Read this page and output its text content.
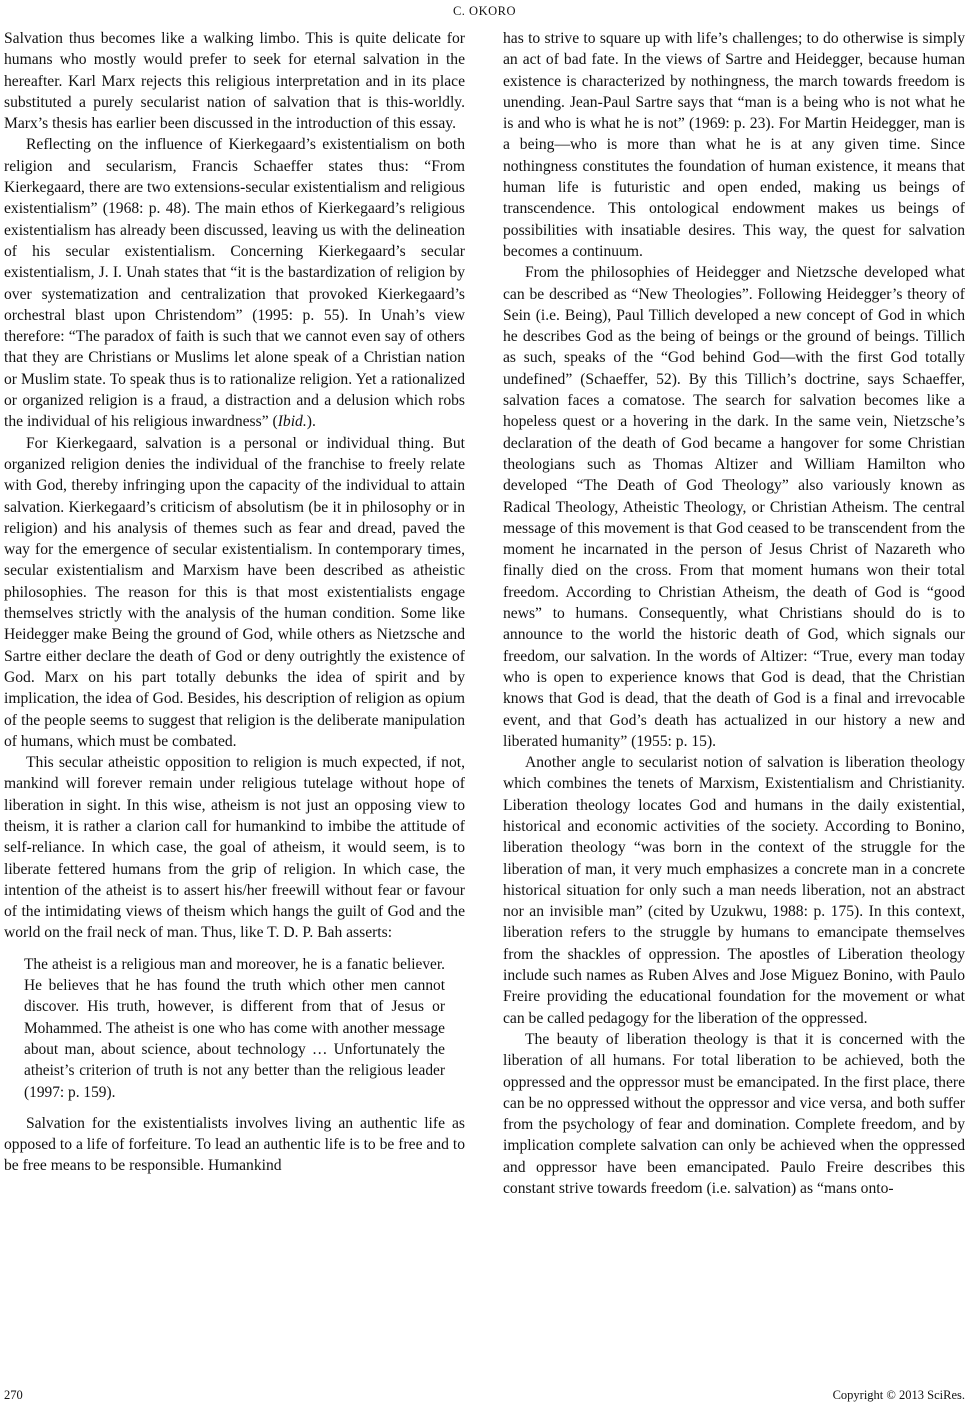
C. OKORO

Salvation thus becomes like a walking limbo. This is quite delicate for humans who mostly would prefer to seek for eternal salvation in the hereafter. Karl Marx rejects this religious interpretation and in its place substituted a purely secularist nation of salvation that is this-worldly. Marx’s thesis has earlier been discussed in the introduction of this essay.

Reflecting on the influence of Kierkegaard’s existentialism on both religion and secularism, Francis Schaeffer states thus: “From Kierkegaard, there are two extensions-secular existentialism and religious existentialism” (1968: p. 48). The main ethos of Kierkegaard’s religious existentialism has already been discussed, leaving us with the delineation of his secular existentialism. Concerning Kierkegaard’s secular existentialism, J. I. Unah states that “it is the bastardization of religion by over systematization and centralization that provoked Kierkegaard’s orchestral blast upon Christendom” (1995: p. 55). In Unah’s view therefore: “The paradox of faith is such that we cannot even say of others that they are Christians or Muslims let alone speak of a Christian nation or Muslim state. To speak thus is to rationalize religion. Yet a rationalized or organized religion is a fraud, a distraction and a delusion which robs the individual of his religious inwardness” (Ibid.).

For Kierkegaard, salvation is a personal or individual thing. But organized religion denies the individual of the franchise to freely relate with God, thereby infringing upon the capacity of the individual to attain salvation. Kierkegaard’s criticism of absolutism (be it in philosophy or in religion) and his analysis of themes such as fear and dread, paved the way for the emergence of secular existentialism. In contemporary times, secular existentialism and Marxism have been described as atheistic philosophies. The reason for this is that most existentialists engage themselves strictly with the analysis of the human condition. Some like Heidegger make Being the ground of God, while others as Nietzsche and Sartre either declare the death of God or deny outrightly the existence of God. Marx on his part totally debunks the idea of spirit and by implication, the idea of God. Besides, his description of religion as opium of the people seems to suggest that religion is the deliberate manipulation of humans, which must be combated.

This secular atheistic opposition to religion is much expected, if not, mankind will forever remain under religious tutelage without hope of liberation in sight. In this wise, atheism is not just an opposing view to theism, it is rather a clarion call for humankind to imbibe the attitude of self-reliance. In which case, the goal of atheism, it would seem, is to liberate fettered humans from the grip of religion. In which case, the intention of the atheist is to assert his/her freewill without fear or favour of the intimidating views of theism which hangs the guilt of God and the world on the frail neck of man. Thus, like T. D. P. Bah asserts:

The atheist is a religious man and moreover, he is a fanatic believer. He believes that he has found the truth which other men cannot discover. His truth, however, is different from that of Jesus or Mohammed. The atheist is one who has come with another message about man, about science, about technology … Unfortunately the atheist’s criterion of truth is not any better than the religious leader (1997: p. 159).

Salvation for the existentialists involves living an authentic life as opposed to a life of forfeiture. To lead an authentic life is to be free and to be free means to be responsible. Humankind

has to strive to square up with life’s challenges; to do otherwise is simply an act of bad fate. In the views of Sartre and Heidegger, because human existence is characterized by nothingness, the march towards freedom is unending. Jean-Paul Sartre says that “man is a being who is not what he is and who is what he is not” (1969: p. 23). For Martin Heidegger, man is a being—who is more than what he is at any given time. Since nothingness constitutes the foundation of human existence, it means that human life is futuristic and open ended, making us beings of transcendence. This ontological endowment makes us beings of possibilities with insatiable desires. This way, the quest for salvation becomes a continuum.

From the philosophies of Heidegger and Nietzsche developed what can be described as “New Theologies”. Following Heidegger’s theory of Sein (i.e. Being), Paul Tillich developed a new concept of God in which he describes God as the being of beings or the ground of beings. Tillich as such, speaks of the “God behind God—with the first God totally undefined” (Schaeffer, 52). By this Tillich’s doctrine, says Schaeffer, salvation faces a comatose. The search for salvation becomes like a hopeless quest or a hovering in the dark. In the same vein, Nietzsche’s declaration of the death of God became a hangover for some Christian theologians such as Thomas Altizer and William Hamilton who developed “The Death of God Theology” also variously known as Radical Theology, Atheistic Theology, or Christian Atheism. The central message of this movement is that God ceased to be transcendent from the moment he incarnated in the person of Jesus Christ of Nazareth who finally died on the cross. From that moment humans won their total freedom. According to Christian Atheism, the death of God is “good news” to humans. Consequently, what Christians should do is to announce to the world the historic death of God, which signals our freedom, our salvation. In the words of Altizer: “True, every man today who is open to experience knows that God is dead, that the Christian knows that God is dead, that the death of God is a final and irrevocable event, and that God’s death has actualized in our history a new and liberated humanity” (1955: p. 15).

Another angle to secularist notion of salvation is liberation theology which combines the tenets of Marxism, Existentialism and Christianity. Liberation theology locates God and humans in the daily existential, historical and economic activities of the society. According to Bonino, liberation theology “was born in the context of the struggle for the liberation of man, it very much emphasizes a concrete man in a concrete historical situation for only such a man needs liberation, not an abstract nor an invisible man” (cited by Uzukwu, 1988: p. 175). In this context, liberation refers to the struggle by humans to emancipate themselves from the shackles of oppression. The apostles of Liberation theology include such names as Ruben Alves and Jose Miguez Bonino, with Paulo Freire providing the educational foundation for the movement or what can be called pedagogy for the liberation of the oppressed.

The beauty of liberation theology is that it is concerned with the liberation of all humans. For total liberation to be achieved, both the oppressed and the oppressor must be emancipated. In the first place, there can be no oppressed without the oppressor and vice versa, and both suffer from the psychology of fear and domination. Complete freedom, and by implication complete salvation can only be achieved when the oppressed and oppressor have been emancipated. Paulo Freire describes this constant strive towards freedom (i.e. salvation) as “mans onto-

270	Copyright © 2013 SciRes.
